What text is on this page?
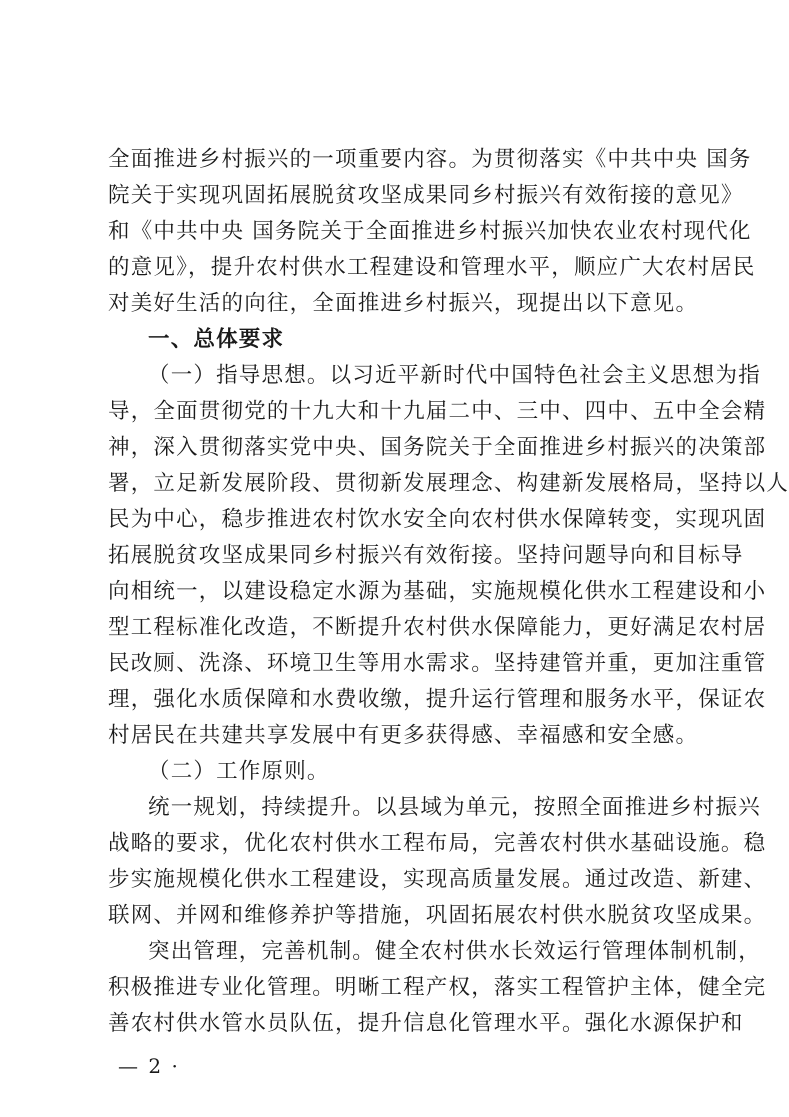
全面推进乡村振兴的一项重要内容。为贯彻落实《中共中央 国务
院关于实现巩固拓展脱贫攻坚成果同乡村振兴有效衔接的意见》
和《中共中央 国务院关于全面推进乡村振兴加快农业农村现代化
的意见》，提升农村供水工程建设和管理水平，顺应广大农村居民
对美好生活的向往，全面推进乡村振兴，现提出以下意见。
一、总体要求
（一）指导思想。以习近平新时代中国特色社会主义思想为指
导，全面贯彻党的十九大和十九届二中、三中、四中、五中全会精
神，深入贯彻落实党中央、国务院关于全面推进乡村振兴的决策部
署，立足新发展阶段、贯彻新发展理念、构建新发展格局，坚持以人
民为中心，稳步推进农村饮水安全向农村供水保障转变，实现巩固
拓展脱贫攻坚成果同乡村振兴有效衔接。坚持问题导向和目标导
向相统一，以建设稳定水源为基础，实施规模化供水工程建设和小
型工程标准化改造，不断提升农村供水保障能力，更好满足农村居
民改厕、洗涤、环境卫生等用水需求。坚持建管并重，更加注重管
理，强化水质保障和水费收缴，提升运行管理和服务水平，保证农
村居民在共建共享发展中有更多获得感、幸福感和安全感。
（二）工作原则。
统一规划，持续提升。以县域为单元，按照全面推进乡村振兴
战略的要求，优化农村供水工程布局，完善农村供水基础设施。稳
步实施规模化供水工程建设，实现高质量发展。通过改造、新建、
联网、并网和维修养护等措施，巩固拓展农村供水脱贫攻坚成果。
突出管理，完善机制。健全农村供水长效运行管理体制机制，
积极推进专业化管理。明晰工程产权，落实工程管护主体，健全完
善农村供水管水员队伍，提升信息化管理水平。强化水源保护和
— 2 ·
